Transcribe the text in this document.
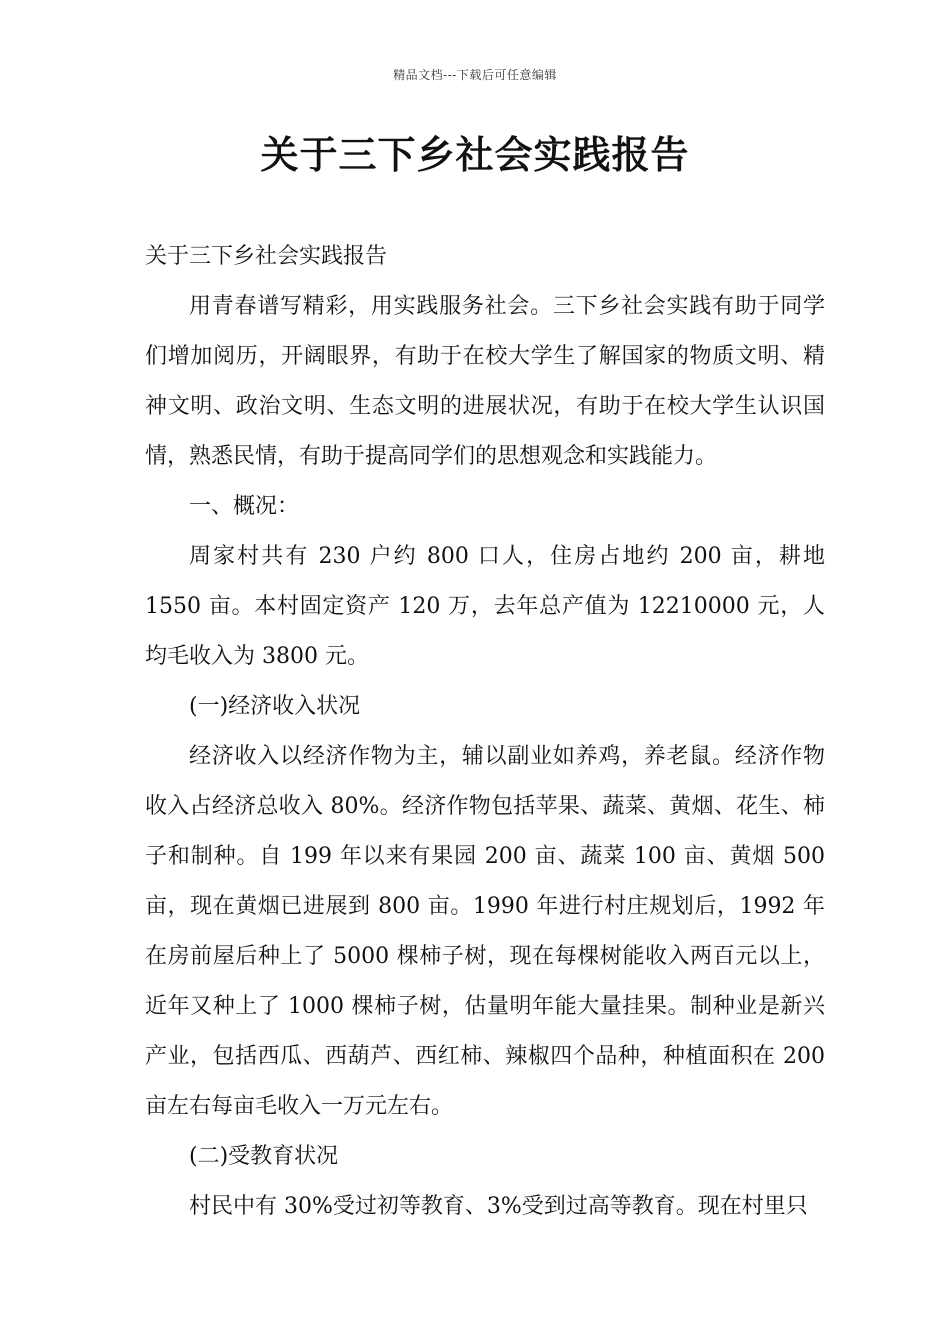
精品文档---下载后可任意编辑
关于三下乡社会实践报告

关于三下乡社会实践报告

用青春谱写精彩，用实践服务社会。三下乡社会实践有助于同学们增加阅历，开阔眼界，有助于在校大学生了解国家的物质文明、精神文明、政治文明、生态文明的进展状况，有助于在校大学生认识国情，熟悉民情，有助于提高同学们的思想观念和实践能力。

一、概况：

周家村共有 230 户约 800 口人，住房占地约 200 亩，耕地 1550 亩。本村固定资产 120 万，去年总产值为 12210000 元，人均毛收入为 3800 元。

(一)经济收入状况

经济收入以经济作物为主，辅以副业如养鸡，养老鼠。经济作物收入占经济总收入 80%。经济作物包括苹果、蔬菜、黄烟、花生、柿子和制种。自 199 年以来有果园 200 亩、蔬菜 100 亩、黄烟 500 亩，现在黄烟已进展到 800 亩。1990 年进行村庄规划后，1992 年在房前屋后种上了 5000 棵柿子树，现在每棵树能收入两百元以上，近年又种上了 1000 棵柿子树，估量明年能大量挂果。制种业是新兴产业，包括西瓜、西葫芦、西红柿、辣椒四个品种，种植面积在 200 亩左右每亩毛收入一万元左右。

(二)受教育状况

村民中有 30%受过初等教育、3%受到过高等教育。现在村里只
